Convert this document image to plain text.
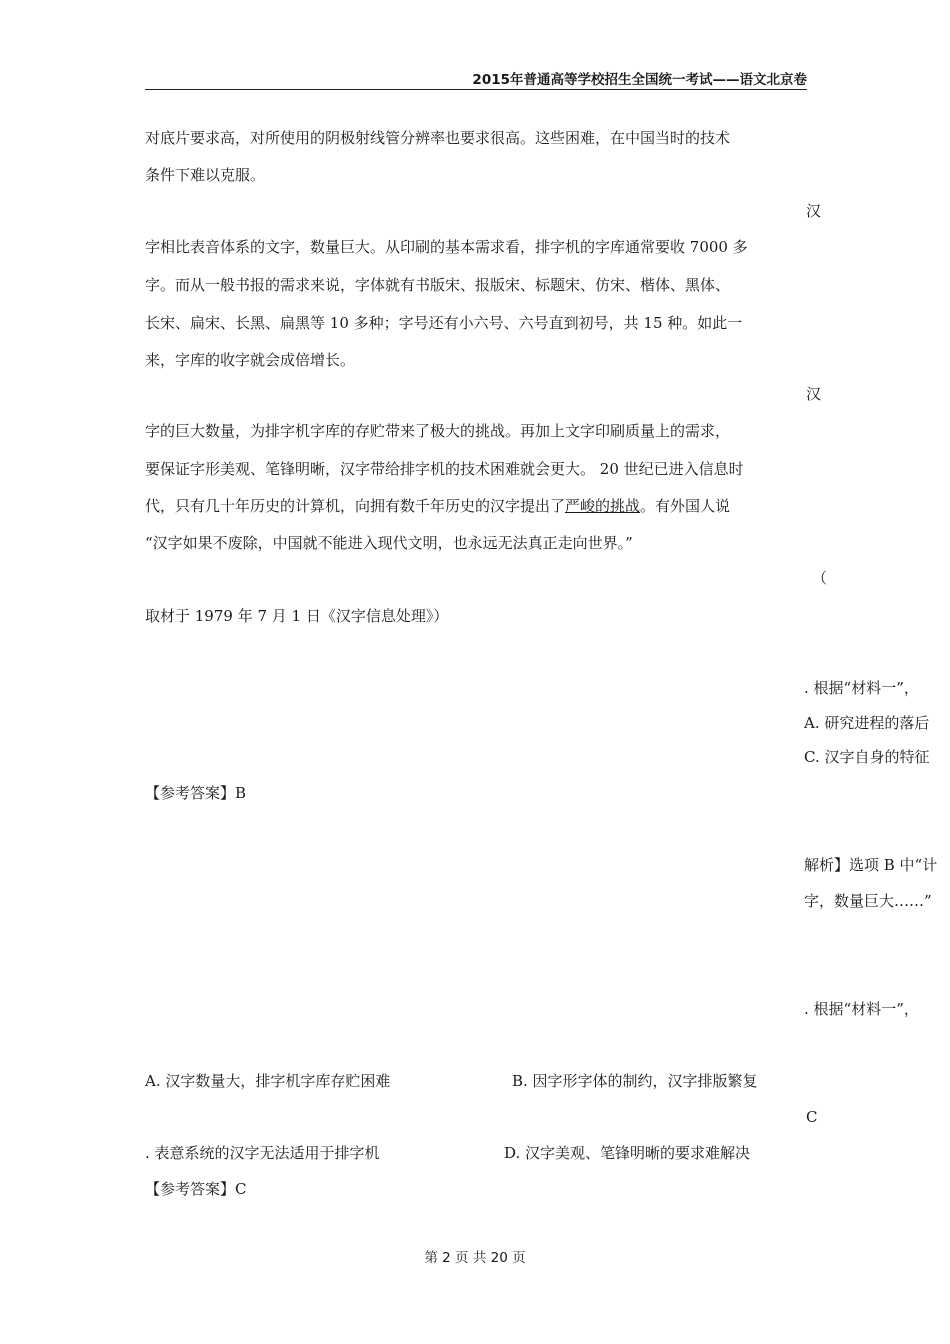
2015年普通高等学校招生全国统一考试——语文北京卷
对底片要求高，对所使用的阴极射线管分辨率也要求很高。这些困难，在中国当时的技术
条件下难以克服。
汉
字相比表音体系的文字，数量巨大。从印刷的基本需求看，排字机的字库通常要收 7000 多
字。而从一般书报的需求来说，字体就有书版宋、报版宋、标题宋、仿宋、楷体、黑体、
长宋、扁宋、长黑、扁黑等 10 多种；字号还有小六号、六号直到初号，共 15 种。如此一
来，字库的收字就会成倍增长。
汉
字的巨大数量，为排字机字库的存贮带来了极大的挑战。再加上文字印刷质量上的需求，
要保证字形美观、笔锋明晰，汉字带给排字机的技术困难就会更大。 20 世纪已进入信息时
代，只有几十年历史的计算机，向拥有数千年历史的汉字提出了严峻的挑战。有外国人说
“汉字如果不废除，中国就不能进入现代文明，也永远无法真正走向世界。”
（
取材于 1979 年 7 月 1 日《汉字信息处理》）
. 根据“材料一”，
A. 研究进程的落后
C. 汉字自身的特征
【参考答案】B
解析】选项 B 中“计
字，数量巨大……”
. 根据“材料一”，
A. 汉字数量大，排字机字库存贮困难	B. 因字形字体的制约，汉字排版繁复
C
. 表意系统的汉字无法适用于排字机	D. 汉字美观、笔锋明晰的要求难解决
【参考答案】C
第 2 页 共 20 页
